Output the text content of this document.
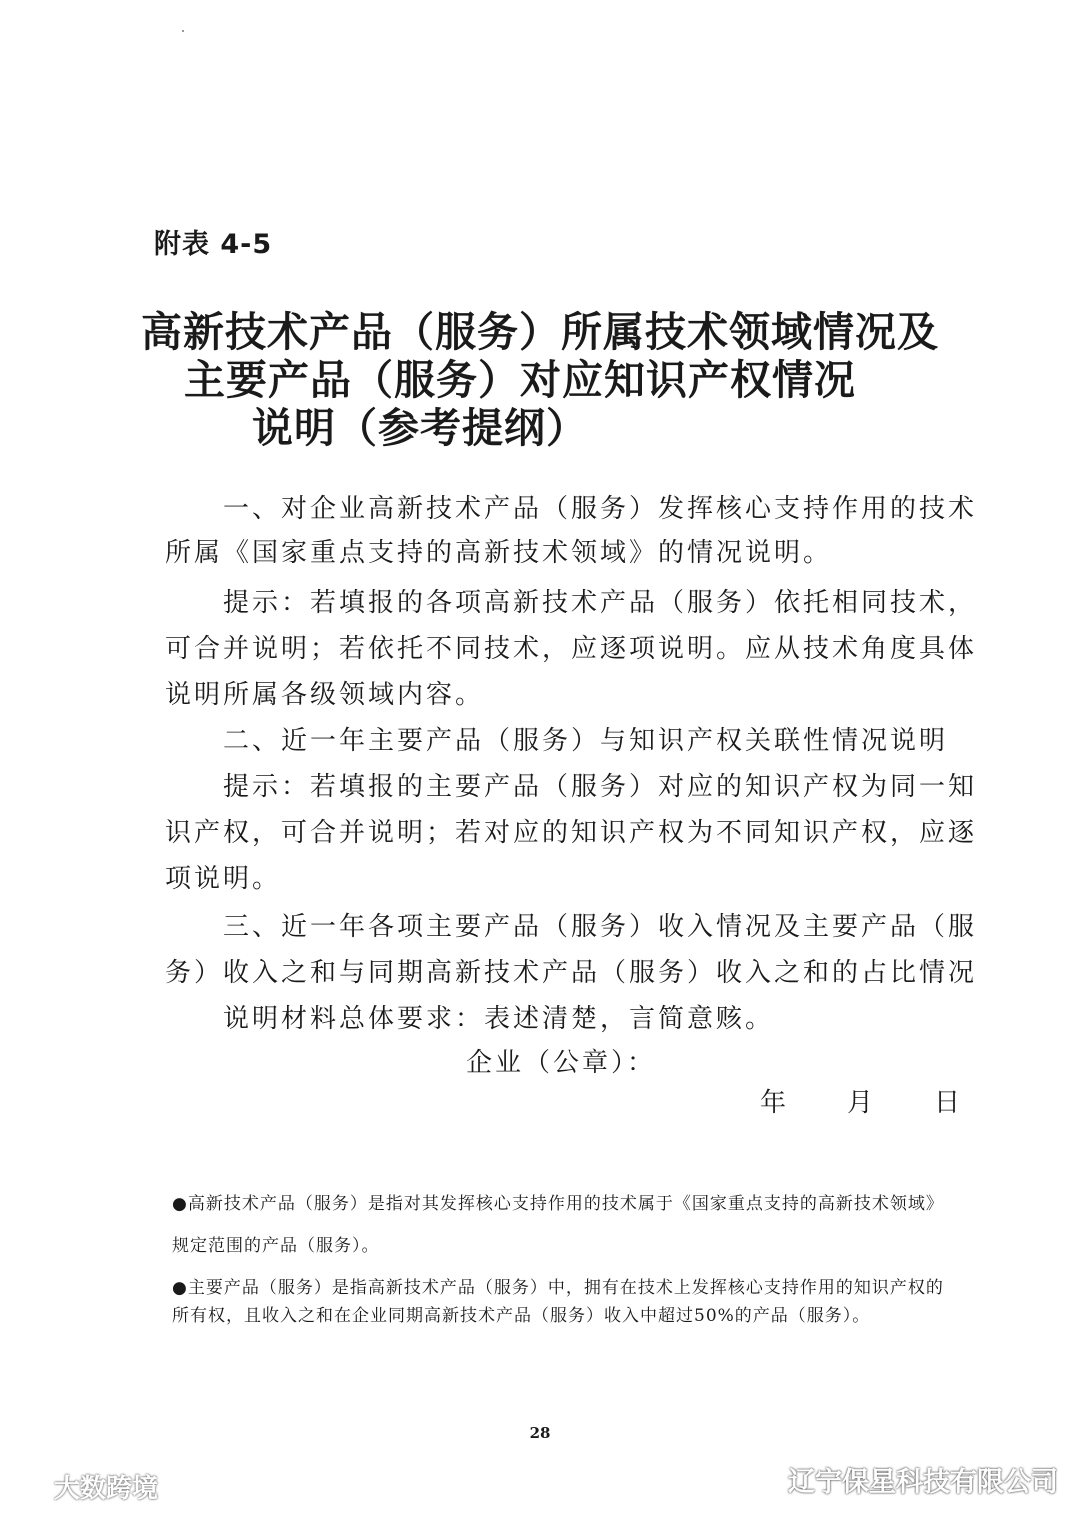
附表 4-5
高新技术产品（服务）所属技术领域情况及
主要产品（服务）对应知识产权情况
说明（参考提纲）
　　一、对企业高新技术产品（服务）发挥核心支持作用的技术
所属《国家重点支持的高新技术领域》的情况说明。
　　提示：若填报的各项高新技术产品（服务）依托相同技术，
可合并说明；若依托不同技术，应逐项说明。应从技术角度具体
说明所属各级领域内容。
　　二、近一年主要产品（服务）与知识产权关联性情况说明
　　提示：若填报的主要产品（服务）对应的知识产权为同一知
识产权，可合并说明；若对应的知识产权为不同知识产权，应逐
项说明。
　　三、近一年各项主要产品（服务）收入情况及主要产品（服
务）收入之和与同期高新技术产品（服务）收入之和的占比情况
　　说明材料总体要求：表述清楚，言简意赅。
企业（公章）：
年　　月　　日
●高新技术产品（服务）是指对其发挥核心支持作用的技术属于《国家重点支持的高新技术领域》
规定范围的产品（服务）。
●主要产品（服务）是指高新技术产品（服务）中，拥有在技术上发挥核心支持作用的知识产权的
所有权，且收入之和在企业同期高新技术产品（服务）收入中超过50%的产品（服务）。
28
大数跨境	辽宁保星科技有限公司
